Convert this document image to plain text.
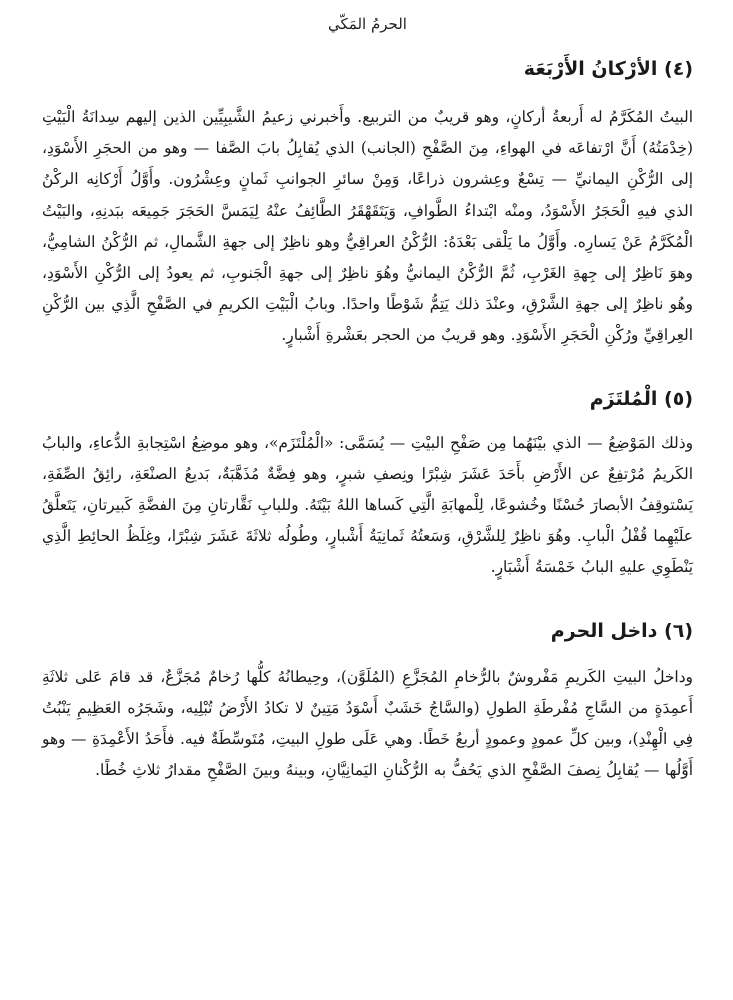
الحرمُ المَكّي
(٤) الأرْكانُ الأَرْبَعَة

البيتُ المُكَرَّمُ له أَربعةُ أركانٍ، وهو قريبٌ من التربيع. وأَخبرني زعيمُ الشَّيبِيِّين الذين إليهم سِدانَةُ الْبَيْتِ (خِدْمَتُهُ) أَنَّ ارْتفاعَه في الهواءِ، مِنَ الصَّفْحِ (الجانب) الذي يُقابِلُ بابَ الصَّفا — وهو من الحجَرِ الأَسْوَدِ، إلى الرُّكْنِ اليمانيِّ — تِسْعٌ وعِشرون ذراعًا، وَمِنْ سائرِ الجوانبِ ثَمانٍ وعِشْرُون. وأَوَّلُ أَرْكانِه الركْنُ الذي فيهِ الْحَجَرُ الأَسْوَدُ، ومنْه ابْتداءُ الطَّوافِ، وَيَتَقَهْقَرُ الطَّائِفُ عنْهُ لِيَمَسَّ الحَجَرَ جَمِيعَه ببَدنِهِ، والبَيْتُ الْمُكَرَّمُ عَنْ يَسارِه. وأَوَّلُ ما يَلْقى بَعْدَهُ: الرُّكْنُ العراقِيُّ وهو ناظِرٌ إلى جهةِ الشَّمالِ، ثم الرُّكْنُ الشامِيُّ، وهوَ نَاظِرٌ إلى جِهةِ الغَرْبِ، ثُمَّ الرُّكْنُ اليمانيُّ وهُوَ ناظِرٌ إلى جهةِ الْجَنوبِ، ثم يعودُ إلى الرُّكْنِ الأَسْوَدِ، وهُو ناظِرٌ إلى جهةِ الشَّرْقِ، وعنْدَ ذلك يَتِمُّ شَوْطًا واحدًا. وبابُ الْبَيْتِ الكريمِ في الصَّفْحِ الَّذِي بين الرُّكْنِ العِراقِيِّ ورُكْنِ الْحَجَرِ الأَسْوَدِ. وهو قريبٌ من الحجر بعَشْرةِ أَشْبارٍ.

(٥) الْمُلتَزَم

وذلك المَوْضِعُ — الذي بيْنَهُما مِن صَفْحِ البيْتِ — يُسَمَّى: «الْمُلْتَزَم»، وهو موضِعُ اسْتِجابةِ الدُّعاءِ، والبابُ الكَريمُ مُرْتفِعٌ عن الأَرْضِ بأَحَدَ عَشَرَ شِبْرًا ونِصفِ شبرٍ، وهو فِضَّةٌ مُذَهَّبَةٌ، بَديعُ الصنْعَةِ، رائِقُ الصِّفَةِ، يَسْتوقِفُ الأبصارَ حُسْنًا وخُشوعًا، لِلْمهابَةِ الَّتِي كَساها اللهُ بَيْتَهُ. وللبابِ نَقَّارتانِ مِنَ الفضَّةِ كَبيرتانِ، يَتَعلَّقُ علَيْهِما قُفْلُ الْبابِ. وهُوَ ناظِرٌ لِلشَّرْقِ، وَسَعتُهُ ثَمانِيَةُ أَشْبارٍ، وطُولُه ثلاثَةَ عَشَرَ شِبْرًا، وغِلَظُ الحائِطِ الَّذِي يَنْطَوِي عليهِ البابُ خَمْسَةُ أَشْبَارٍ.

(٦) داخل الحرم

وداخلُ البيتِ الكَريمِ مَفْروشٌ بالرُّخامِ المُجَزَّعِ (المُلَوَّن)، وحِيطانُهُ كلُّها رُخامٌ مُجَزَّعٌ، قد قامَ عَلى ثلاثَةِ أَعمِدَةٍ من السَّاجِ مُفْرطَةِ الطولِ (والسَّاجُ خَشَبٌ أَسْوَدُ مَتِينٌ لا تكادُ الأَرْضُ تُبْلِيه، وشَجَرُه العَظِيمِ يَنْبُتُ فِي الْهِنْدِ)، وبين كلِّ عمودٍ وعمودٍ أربعُ خَطًا. وهي عَلَى طولِ البيتِ، مُتَوسِّطَةٌ فيه. فأَحَدُ الأَعْمِدَةِ — وهو أَوَّلُها — يُقابِلُ نِصفَ الصَّفْحِ الذي يَحُفُّ به الرُّكْنانِ اليَمانِيَّانِ، وبينهُ وبينَ الصَّفْحِ مقدارُ ثلاثِ خُطًا.
